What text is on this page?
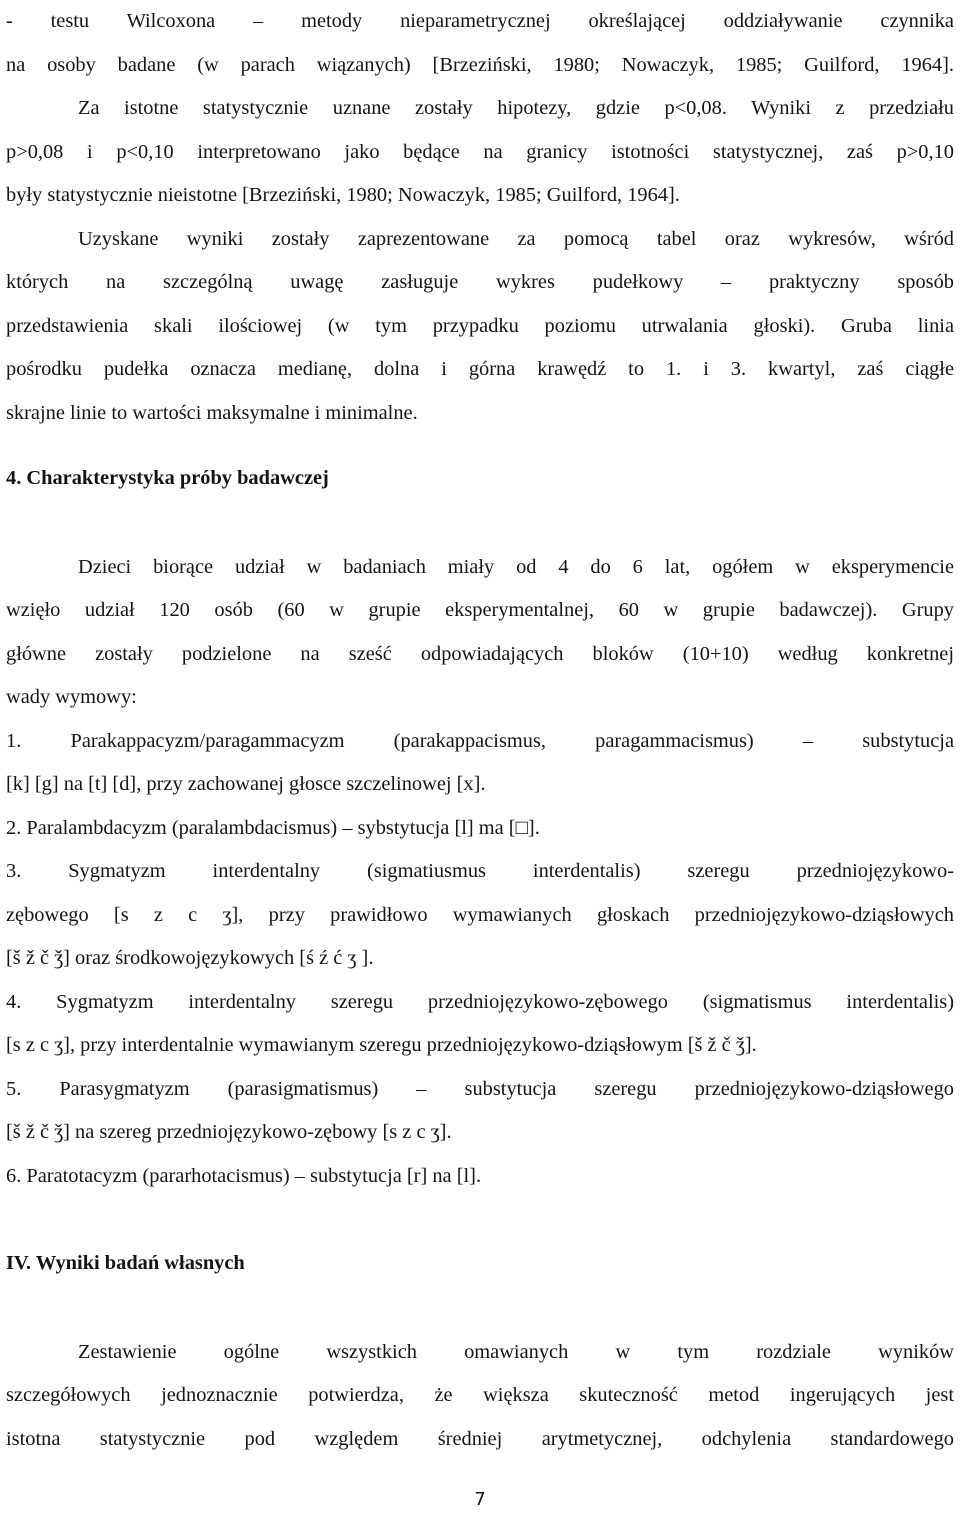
- testu Wilcoxona – metody nieparametrycznej określającej oddziaływanie czynnika

na osoby badane (w parach wiązanych) [Brzeziński, 1980; Nowaczyk, 1985; Guilford, 1964].

Za istotne statystycznie uznane zostały hipotezy, gdzie p<0,08. Wyniki z przedziału

p>0,08 i p<0,10 interpretowano jako będące na granicy istotności statystycznej, zaś p>0,10

były statystycznie nieistotne [Brzeziński, 1980; Nowaczyk, 1985; Guilford, 1964].

Uzyskane wyniki zostały zaprezentowane za pomocą tabel oraz wykresów, wśród

których na szczególną uwagę zasługuje wykres pudełkowy – praktyczny sposób

przedstawienia skali ilościowej (w tym przypadku poziomu utrwalania głoski). Gruba linia

pośrodku pudełka oznacza medianę, dolna i górna krawędź to 1. i 3. kwartyl, zaś ciągłe

skrajne linie to wartości maksymalne i minimalne.

4. Charakterystyka próby badawczej

Dzieci biorące udział w badaniach miały od 4 do 6 lat, ogółem w eksperymencie

wzięło udział 120 osób (60 w grupie eksperymentalnej, 60 w grupie badawczej). Grupy

główne zostały podzielone na sześć odpowiadających bloków (10+10) według konkretnej

wady wymowy:

1. Parakappacyzm/paragammacyzm (parakappacismus, paragammacismus) – substytucja

[k] [g] na [t] [d], przy zachowanej głosce szczelinowej [x].

2. Paralambdacyzm (paralambdacismus) – sybstytucja [l] ma [□].

3. Sygmatyzm interdentalny (sigmatiusmus interdentalis) szeregu przedniojęzykowo-

zębowego [s z c ʒ], przy prawidłowo wymawianych głoskach przedniojęzykowo-dziąsłowych

[š ž č ǯ] oraz środkowojęzykowych [ś ź ć ʒ ].

4. Sygmatyzm interdentalny szeregu przedniojęzykowo-zębowego (sigmatismus interdentalis)

[s z c ʒ], przy interdentalnie wymawianym szeregu przedniojęzykowo-dziąsłowym [š ž č ǯ].

5. Parasygmatyzm (parasigmatismus) – substytucja szeregu przedniojęzykowo-dziąsłowego

[š ž č ǯ] na szereg przedniojęzykowo-zębowy [s z c ʒ].

6. Paratotacyzm (pararhotacismus) – substytucja [r] na [l].

IV. Wyniki badań własnych

Zestawienie ogólne wszystkich omawianych w tym rozdziale wyników

szczegółowych jednoznacznie potwierdza, że większa skuteczność metod ingerujących jest

istotna statystycznie pod względem średniej arytmetycznej, odchylenia standardowego

7
